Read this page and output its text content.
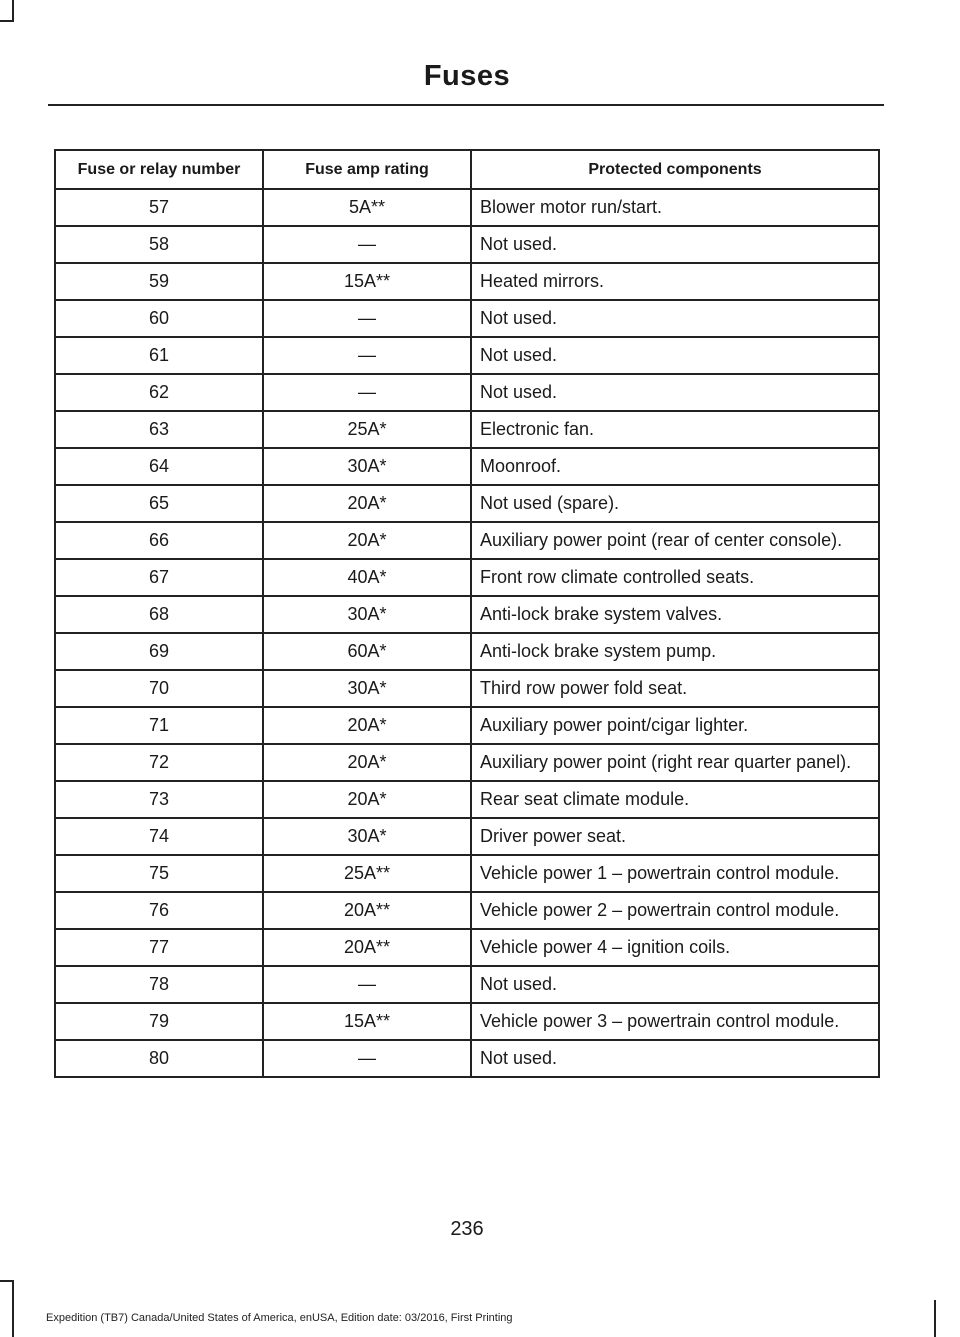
Fuses
Fuse or relay number	Fuse amp rating	Protected components
57	5A**	Blower motor run/start.
58	—	Not used.
59	15A**	Heated mirrors.
60	—	Not used.
61	—	Not used.
62	—	Not used.
63	25A*	Electronic fan.
64	30A*	Moonroof.
65	20A*	Not used (spare).
66	20A*	Auxiliary power point (rear of center console).
67	40A*	Front row climate controlled seats.
68	30A*	Anti-lock brake system valves.
69	60A*	Anti-lock brake system pump.
70	30A*	Third row power fold seat.
71	20A*	Auxiliary power point/cigar lighter.
72	20A*	Auxiliary power point (right rear quarter panel).
73	20A*	Rear seat climate module.
74	30A*	Driver power seat.
75	25A**	Vehicle power 1 – powertrain control module.
76	20A**	Vehicle power 2 – powertrain control module.
77	20A**	Vehicle power 4 – ignition coils.
78	—	Not used.
79	15A**	Vehicle power 3 – powertrain control module.
80	—	Not used.
236
Expedition (TB7) Canada/United States of America, enUSA, Edition date: 03/2016, First Printing
